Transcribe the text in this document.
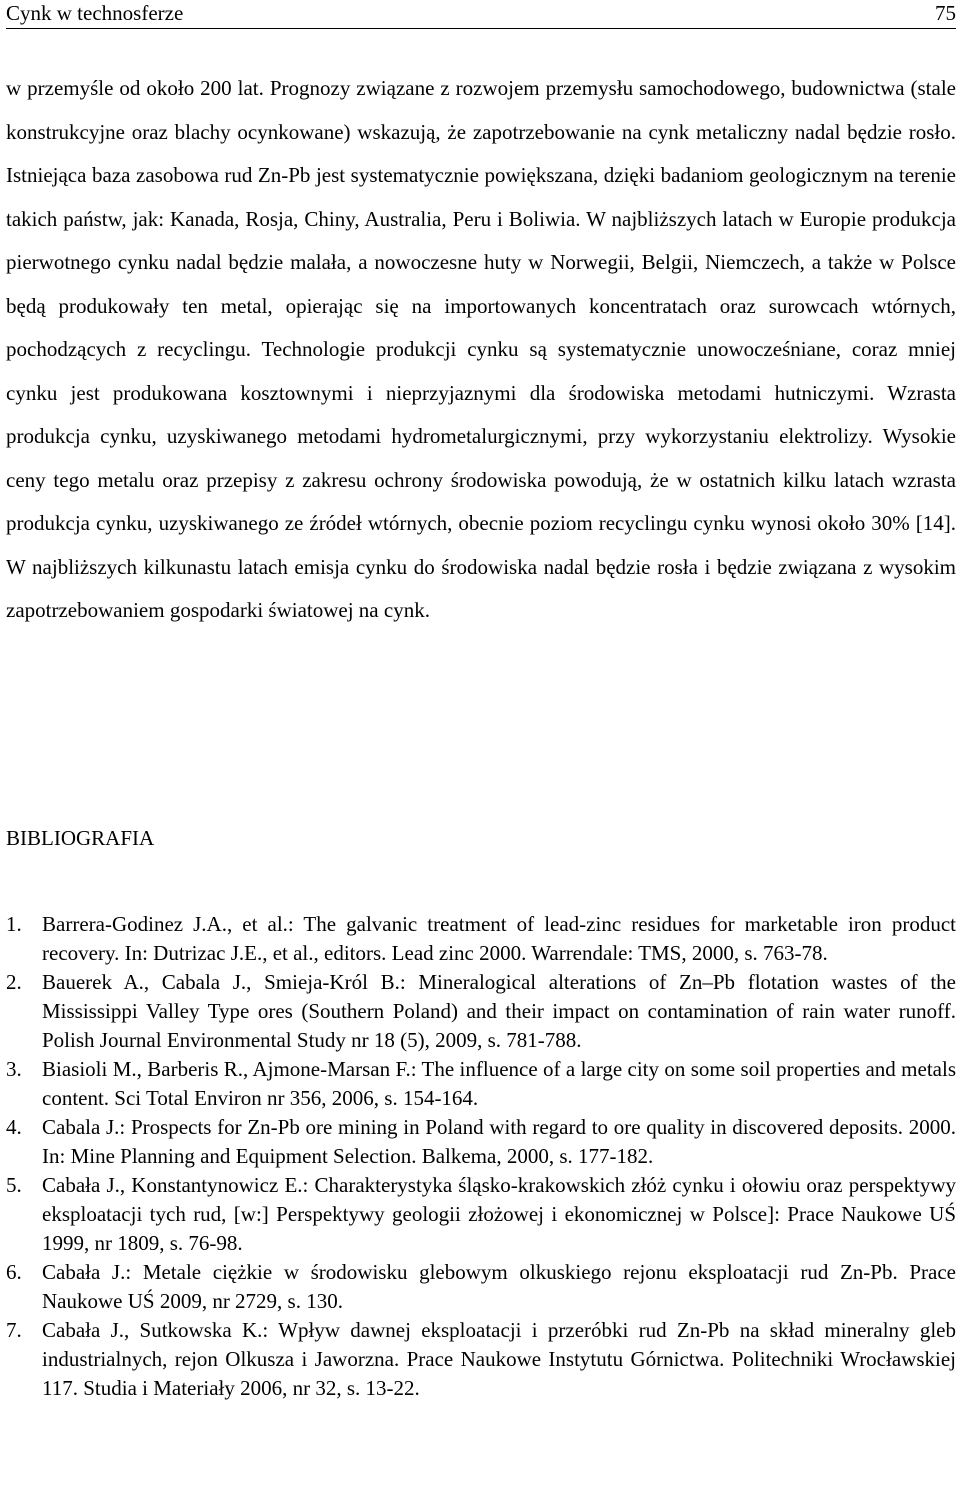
Cynk w technosferze	75

w przemyśle od około 200 lat. Prognozy związane z rozwojem przemysłu samochodowego, budownictwa (stale konstrukcyjne oraz blachy ocynkowane) wskazują, że zapotrzebowanie na cynk metaliczny nadal będzie rosło. Istniejąca baza zasobowa rud Zn-Pb jest systematycznie powiększana, dzięki badaniom geologicznym na terenie takich państw, jak: Kanada, Rosja, Chiny, Australia, Peru i Boliwia. W najbliższych latach w Europie produkcja pierwotnego cynku nadal będzie malała, a nowoczesne huty w Norwegii, Belgii, Niemczech, a także w Polsce będą produkowały ten metal, opierając się na importowanych koncentratach oraz surowcach wtórnych, pochodzących z recyclingu. Technologie produkcji cynku są systematycznie unowocześniane, coraz mniej cynku jest produkowana kosztownymi i nieprzyjaznymi dla środowiska metodami hutniczymi. Wzrasta produkcja cynku, uzyskiwanego metodami hydrometalurgicznymi, przy wykorzystaniu elektrolizy. Wysokie ceny tego metalu oraz przepisy z zakresu ochrony środowiska powodują, że w ostatnich kilku latach wzrasta produkcja cynku, uzyskiwanego ze źródeł wtórnych, obecnie poziom recyclingu cynku wynosi około 30% [14]. W najbliższych kilkunastu latach emisja cynku do środowiska nadal będzie rosła i będzie związana z wysokim zapotrzebowaniem gospodarki światowej na cynk.

BIBLIOGRAFIA
1. Barrera-Godinez J.A., et al.: The galvanic treatment of lead-zinc residues for marketable iron product recovery. In: Dutrizac J.E., et al., editors. Lead zinc 2000. Warrendale: TMS, 2000, s. 763-78.
2. Bauerek A., Cabala J., Smieja-Król B.: Mineralogical alterations of Zn–Pb flotation wastes of the Mississippi Valley Type ores (Southern Poland) and their impact on contamination of rain water runoff. Polish Journal Environmental Study nr 18 (5), 2009, s. 781-788.
3. Biasioli M., Barberis R., Ajmone-Marsan F.: The influence of a large city on some soil properties and metals content. Sci Total Environ nr 356, 2006, s. 154-164.
4. Cabala J.: Prospects for Zn-Pb ore mining in Poland with regard to ore quality in discovered deposits. 2000. In: Mine Planning and Equipment Selection. Balkema, 2000, s. 177-182.
5. Cabała J., Konstantynowicz E.: Charakterystyka śląsko-krakowskich złóż cynku i ołowiu oraz perspektywy eksploatacji tych rud, [w:] Perspektywy geologii złożowej i ekonomicznej w Polsce]: Prace Naukowe UŚ 1999, nr 1809, s. 76-98.
6. Cabała J.: Metale ciężkie w środowisku glebowym olkuskiego rejonu eksploatacji rud Zn-Pb. Prace Naukowe UŚ 2009, nr 2729, s. 130.
7. Cabała J., Sutkowska K.: Wpływ dawnej eksploatacji i przeróbki rud Zn-Pb na skład mineralny gleb industrialnych, rejon Olkusza i Jaworzna. Prace Naukowe Instytutu Górnictwa. Politechniki Wrocławskiej 117. Studia i Materiały 2006, nr 32, s. 13-22.
